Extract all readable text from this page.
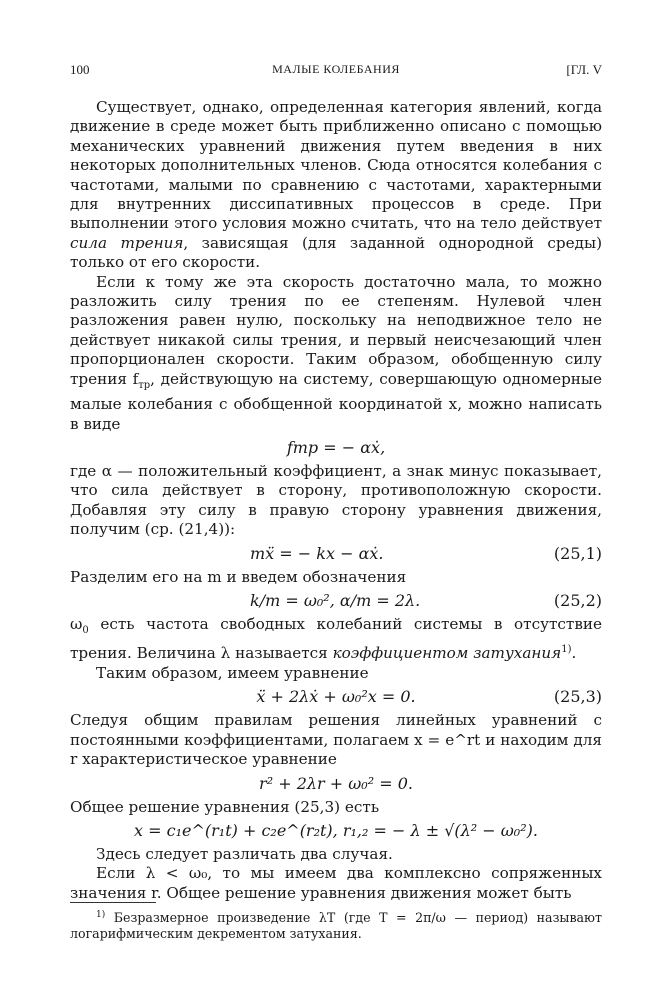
100	МАЛЫЕ КОЛЕБАНИЯ	[ГЛ. V

Существует, однако, определенная категория явлений, когда движение в среде может быть приближенно описано с помощью механических уравнений движения путем введения в них некоторых дополнительных членов. Сюда относятся колебания с частотами, малыми по сравнению с частотами, характерными для внутренних диссипативных процессов в среде. При выполнении этого условия можно считать, что на тело действует сила трения, зависящая (для заданной однородной среды) только от его скорости.

Если к тому же эта скорость достаточно мала, то можно разложить силу трения по ее степеням. Нулевой член разложения равен нулю, поскольку на неподвижное тело не действует никакой силы трения, и первый неисчезающий член пропорционален скорости. Таким образом, обобщенную силу трения $f_{тр}$, действующую на систему, совершающую одномерные малые колебания с обобщенной координатой x, можно написать в виде

fтр = − αẋ,

где α — положительный коэффициент, а знак минус показывает, что сила действует в сторону, противоположную скорости. Добавляя эту силу в правую сторону уравнения движения, получим (ср. (21,4)):

mẍ = − kx − αẋ.	(25,1)

Разделим его на m и введем обозначения

k/m = ω₀², α/m = 2λ.	(25,2)

$\omega_0$ есть частота свободных колебаний системы в отсутствие трения. Величина λ называется коэффициентом затухания$^{1)}$.

Таким образом, имеем уравнение

ẍ + 2λẋ + ω₀²x = 0.	(25,3)

Следуя общим правилам решения линейных уравнений с постоянными коэффициентами, полагаем x = e^rt и находим для r характеристическое уравнение

r² + 2λr + ω₀² = 0.

Общее решение уравнения (25,3) есть

x = c₁e^(r₁t) + c₂e^(r₂t), r₁,₂ = − λ ± √(λ² − ω₀²).

Здесь следует различать два случая.

Если λ < ω₀, то мы имеем два комплексно сопряженных значения r. Общее решение уравнения движения может быть

$^{1)}$ Безразмерное произведение λT (где T = 2π/ω — период) называют логарифмическим декрементом затухания.
